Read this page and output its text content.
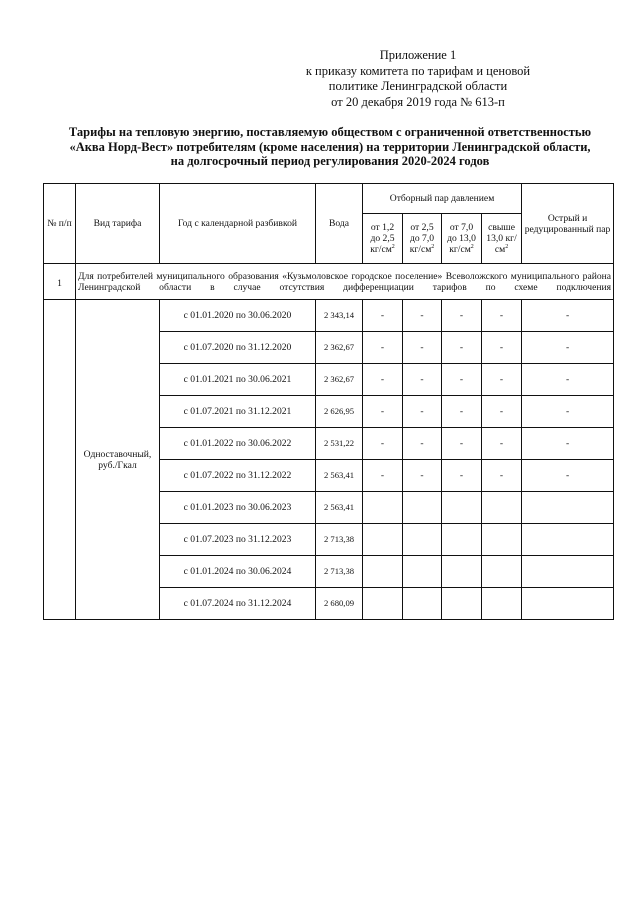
Приложение 1
к приказу комитета по тарифам и ценовой
политике Ленинградской области
от 20 декабря 2019 года № 613-п
Тарифы на тепловую энергию, поставляемую обществом с ограниченной ответственностью
«Аква Норд-Вест» потребителям (кроме населения) на территории Ленинградской области,
на долгосрочный период регулирования 2020-2024 годов
№ п/п	Вид тарифа	Год с календарной разбивкой	Вода	Отборный пар давлением				Острый и редуцированный пар
				от 1,2 до 2,5 $кг/см^2$	от 2,5 до 7,0 $кг/см^2$	от 7,0 до 13,0 $кг/см^2$	свыше 13,0 $кг/см^2$
1	Для потребителей муниципального образования «Кузьмоловское городское поселение» Всеволожского муниципального района Ленинградской области в случае отсутствия дифференциации тарифов по схеме подключения							
	Одноставочный, руб./Гкал	с 01.01.2020 по 30.06.2020	2 343,14	-	-	-	-	-
		с 01.07.2020 по 31.12.2020	2 362,67	-	-	-	-	-
		с 01.01.2021 по 30.06.2021	2 362,67	-	-	-	-	-
		с 01.07.2021 по 31.12.2021	2 626,95	-	-	-	-	-
		с 01.01.2022 по 30.06.2022	2 531,22	-	-	-	-	-
		с 01.07.2022 по 31.12.2022	2 563,41	-	-	-	-	-
		с 01.01.2023 по 30.06.2023	2 563,41					
		с 01.07.2023 по 31.12.2023	2 713,38					
		с 01.01.2024 по 30.06.2024	2 713,38					
		с 01.07.2024 по 31.12.2024	2 680,09					
